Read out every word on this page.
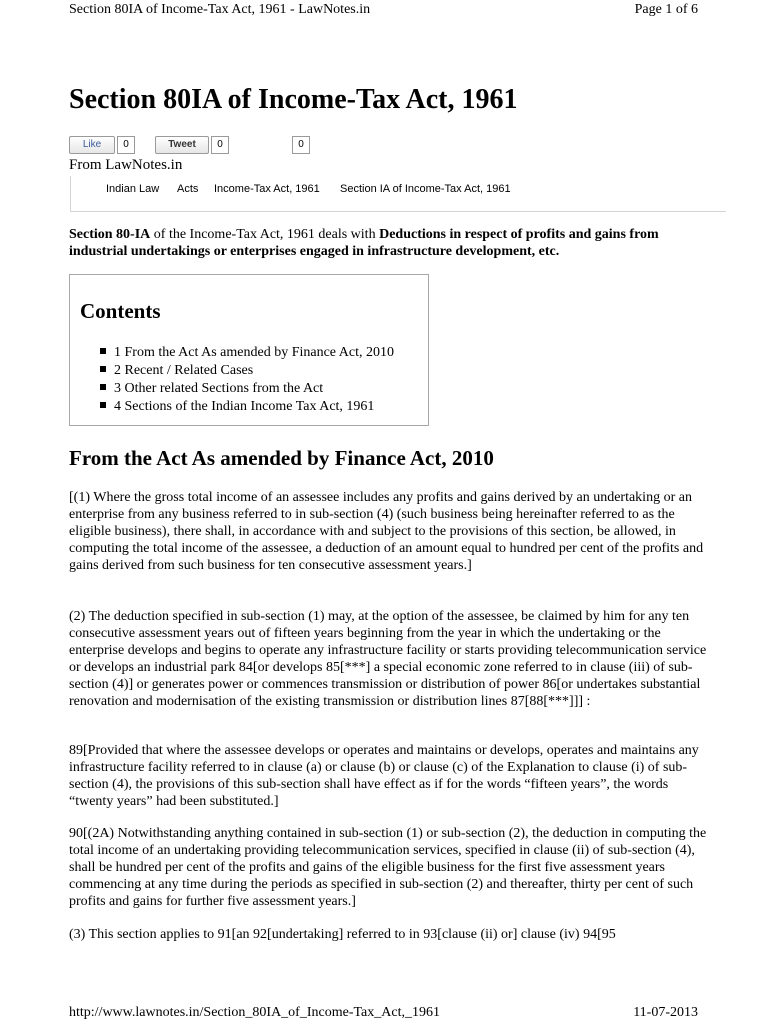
Section 80IA of Income-Tax Act, 1961 - LawNotes.in	Page 1 of 6
Section 80IA of Income-Tax Act, 1961
Like	0	Tweet	0	0
From LawNotes.in
Indian Law Acts Income-Tax Act, 1961 Section IA of Income-Tax Act, 1961

Section 80-IA of the Income-Tax Act, 1961 deals with Deductions in respect of profits and gains from industrial undertakings or enterprises engaged in infrastructure development, etc.

Contents
1 From the Act As amended by Finance Act, 2010
2 Recent / Related Cases
3 Other related Sections from the Act
4 Sections of the Indian Income Tax Act, 1961
From the Act As amended by Finance Act, 2010

[(1) Where the gross total income of an assessee includes any profits and gains derived by an undertaking or an enterprise from any business referred to in sub-section (4) (such business being hereinafter referred to as the eligible business), there shall, in accordance with and subject to the provisions of this section, be allowed, in computing the total income of the assessee, a deduction of an amount equal to hundred per cent of the profits and gains derived from such business for ten consecutive assessment years.]

(2) The deduction specified in sub-section (1) may, at the option of the assessee, be claimed by him for any ten consecutive assessment years out of fifteen years beginning from the year in which the undertaking or the enterprise develops and begins to operate any infrastructure facility or starts providing telecommunication service or develops an industrial park 84[or develops 85[***] a special economic zone referred to in clause (iii) of sub-section (4)] or generates power or commences transmission or distribution of power 86[or undertakes substantial renovation and modernisation of the existing transmission or distribution lines 87[88[***]]] :

89[Provided that where the assessee develops or operates and maintains or develops, operates and maintains any infrastructure facility referred to in clause (a) or clause (b) or clause (c) of the Explanation to clause (i) of sub-section (4), the provisions of this sub-section shall have effect as if for the words “fifteen years”, the words “twenty years” had been substituted.]

90[(2A) Notwithstanding anything contained in sub-section (1) or sub-section (2), the deduction in computing the total income of an undertaking providing telecommunication services, specified in clause (ii) of sub-section (4), shall be hundred per cent of the profits and gains of the eligible business for the first five assessment years commencing at any time during the periods as specified in sub-section (2) and thereafter, thirty per cent of such profits and gains for further five assessment years.]

(3) This section applies to 91[an 92[undertaking] referred to in 93[clause (ii) or] clause (iv) 94[95

http://www.lawnotes.in/Section_80IA_of_Income-Tax_Act,_1961	11-07-2013
